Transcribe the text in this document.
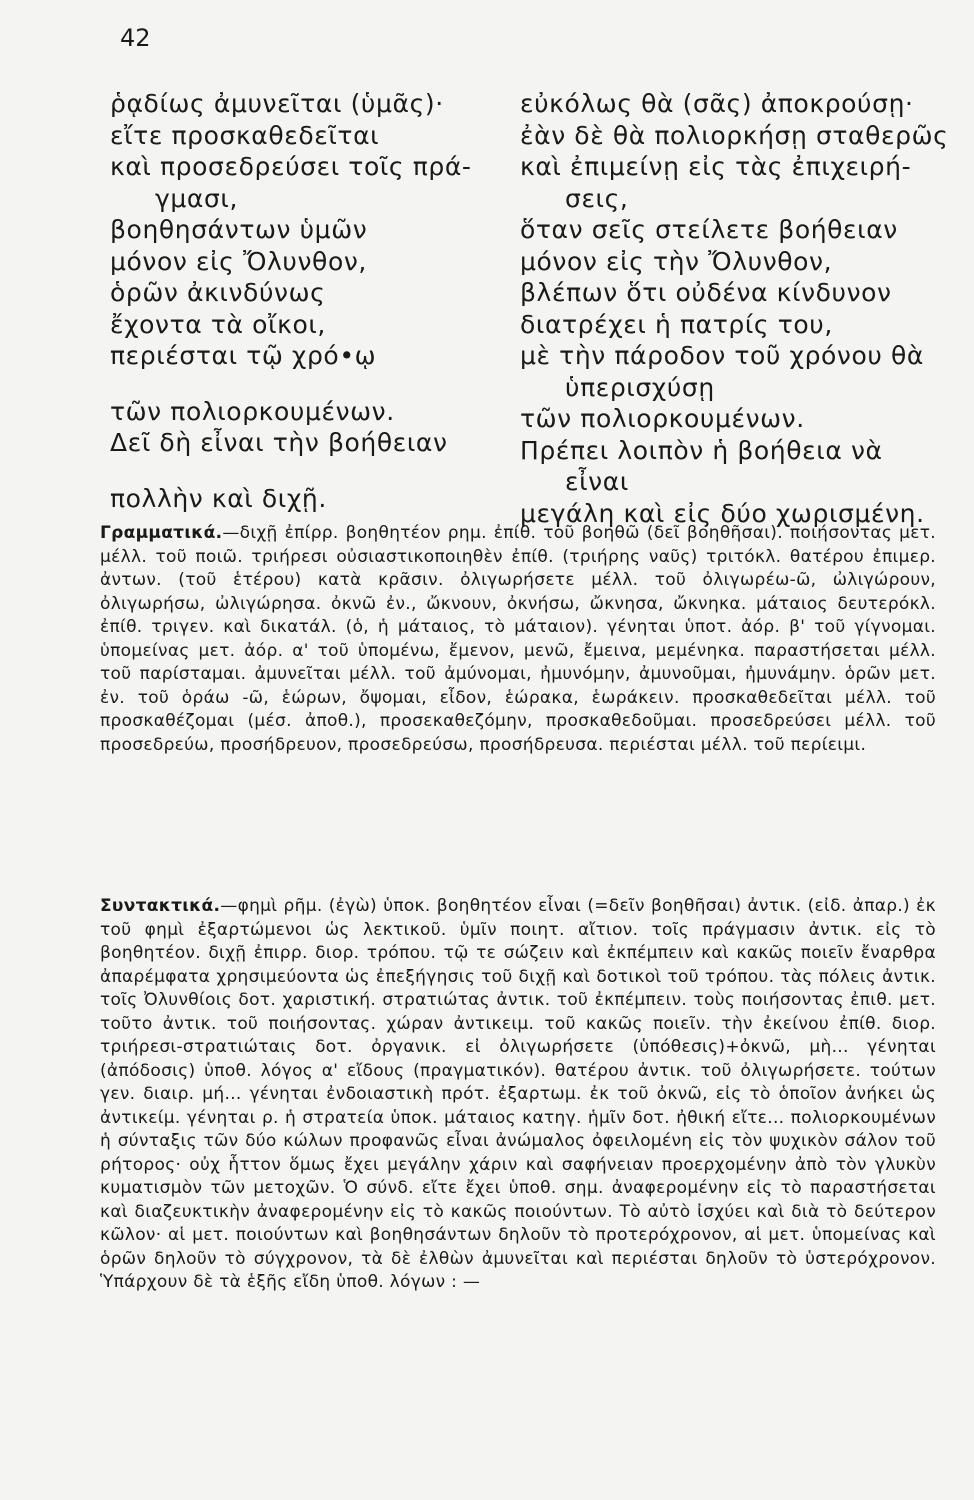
42
ῥᾳδίως ἀμυνεῖται (ὑμᾶς)·
εἴτε προσκαθεδεῖται
καὶ προσεδρεύσει τοῖς πρά-
γμασι,
βοηθησάντων ὑμῶν
μόνον εἰς Ὄλυνθον,
ὁρῶν ἀκινδύνως
ἔχοντα τὰ οἴκοι,
περιέσται τῷ χρό•ῳ
τῶν πολιορκουμένων.
Δεῖ δὴ εἶναι τὴν βοήθειαν
πολλὴν καὶ διχῇ.
εὐκόλως θὰ (σᾶς) ἀποκρούσῃ·
ἐὰν δὲ θὰ πολιορκήσῃ σταθερῶς
καὶ ἐπιμείνῃ εἰς τὰς ἐπιχειρή-
σεις,
ὅταν σεῖς στείλετε βοήθειαν
μόνον εἰς τὴν Ὄλυνθον,
βλέπων ὅτι οὐδένα κίνδυνον
διατρέχει ἡ πατρίς του,
μὲ τὴν πάροδον τοῦ χρόνου θὰ
ὑπερισχύσῃ
τῶν πολιορκουμένων.
Πρέπει λοιπὸν ἡ βοήθεια νὰ
εἶναι
μεγάλη καὶ εἰς δύο χωρισμένη.
Γραμματικά.—διχῇ ἐπίρρ. βοηθητέον ρημ. ἐπίθ. τοῦ βοηθῶ (δεῖ βοηθῆσαι). ποιήσοντας μετ. μέλλ. τοῦ ποιῶ. τριήρεσι οὐσιαστικοποιηθὲν ἐπίθ. (τριήρης ναῦς) τριτόκλ. θατέρου ἐπιμερ. ἀντων. (τοῦ ἑτέρου) κατὰ κρᾶσιν. ὀλιγωρήσετε μέλλ. τοῦ ὀλιγωρέω-ῶ, ὠλιγώρουν, ὀλιγωρήσω, ὠλιγώρησα. ὀκνῶ ἐν., ὤκνουν, ὀκνήσω, ὤκνησα, ὤκνηκα. μάταιος δευτερόκλ. ἐπίθ. τριγεν. καὶ δικατάλ. (ὁ, ἡ μάταιος, τὸ μάταιον). γένηται ὑποτ. ἀόρ. β' τοῦ γίγνομαι. ὑπομείνας μετ. ἀόρ. α' τοῦ ὑπομένω, ἔμενον, μενῶ, ἔμεινα, μεμένηκα. παραστήσεται μέλλ. τοῦ παρίσταμαι. ἀμυνεῖται μέλλ. τοῦ ἀμύνομαι, ἠμυνόμην, ἀμυνοῦμαι, ἠμυνάμην. ὁρῶν μετ. ἐν. τοῦ ὁράω -ῶ, ἑώρων, ὄψομαι, εἶδον, ἑώρακα, ἑωράκειν. προσκαθεδεῖται μέλλ. τοῦ προσκαθέζομαι (μέσ. ἀποθ.), προσεκαθεζόμην, προσκαθεδοῦμαι. προσεδρεύσει μέλλ. τοῦ προσεδρεύω, προσήδρευον, προσεδρεύσω, προσήδρευσα. περιέσται μέλλ. τοῦ περίειμι.
Συντακτικά.—φημὶ ρῆμ. (ἐγὼ) ὑποκ. βοηθητέον εἶναι (=δεῖν βοηθῆσαι) ἀντικ. (εἰδ. ἀπαρ.) ἐκ τοῦ φημὶ ἐξαρτώμενοι ὡς λεκτικοῦ. ὑμῖν ποιητ. αἴτιον. τοῖς πράγμασιν ἀντικ. εἰς τὸ βοηθητέον. διχῇ ἐπιρρ. διορ. τρόπου. τῷ τε σώζειν καὶ ἐκπέμπειν καὶ κακῶς ποιεῖν ἔναρθρα ἀπαρέμφατα χρησιμεύοντα ὡς ἐπεξήγησις τοῦ διχῇ καὶ δοτικοὶ τοῦ τρόπου. τὰς πόλεις ἀντικ. τοῖς Ὀλυνθίοις δοτ. χαριστική. στρατιώτας ἀντικ. τοῦ ἐκπέμπειν. τοὺς ποιήσοντας ἐπιθ. μετ. τοῦτο ἀντικ. τοῦ ποιήσοντας. χώραν ἀντικειμ. τοῦ κακῶς ποιεῖν. τὴν ἐκείνου ἐπίθ. διορ. τριήρεσι-στρατιώταις δοτ. ὀργανικ. εἰ ὀλιγωρήσετε (ὑπόθεσις)+ὀκνῶ, μὴ... γένηται (ἀπόδοσις) ὑποθ. λόγος α' εἴδους (πραγματικόν). θατέρου ἀντικ. τοῦ ὀλιγωρήσετε. τούτων γεν. διαιρ. μή... γένηται ἐνδοιαστικὴ πρότ. ἐξαρτωμ. ἐκ τοῦ ὀκνῶ, εἰς τὸ ὁποῖον ἀνήκει ὡς ἀντικείμ. γένηται ρ. ἡ στρατεία ὑποκ. μάταιος κατηγ. ἡμῖν δοτ. ἠθική εἴτε... πολιορκουμένων ἡ σύνταξις τῶν δύο κώλων προφανῶς εἶναι ἀνώμαλος ὀφειλομένη εἰς τὸν ψυχικὸν σάλον τοῦ ρήτορος· οὐχ ἧττον ὅμως ἔχει μεγάλην χάριν καὶ σαφήνειαν προερχομένην ἀπὸ τὸν γλυκὺν κυματισμὸν τῶν μετοχῶν. Ὁ σύνδ. εἴτε ἔχει ὑποθ. σημ. ἀναφερομένην εἰς τὸ παραστήσεται καὶ διαζευκτικὴν ἀναφερομένην εἰς τὸ κακῶς ποιούντων. Τὸ αὐτὸ ἰσχύει καὶ διὰ τὸ δεύτερον κῶλον· αἱ μετ. ποιούντων καὶ βοηθησάντων δηλοῦν τὸ προτερόχρονον, αἱ μετ. ὑπομείνας καὶ ὁρῶν δηλοῦν τὸ σύγχρονον, τὰ δὲ ἐλθὼν ἀμυνεῖται καὶ περιέσται δηλοῦν τὸ ὑστερόχρονον. Ὑπάρχουν δὲ τὰ ἑξῆς εἴδη ὑποθ. λόγων : —
